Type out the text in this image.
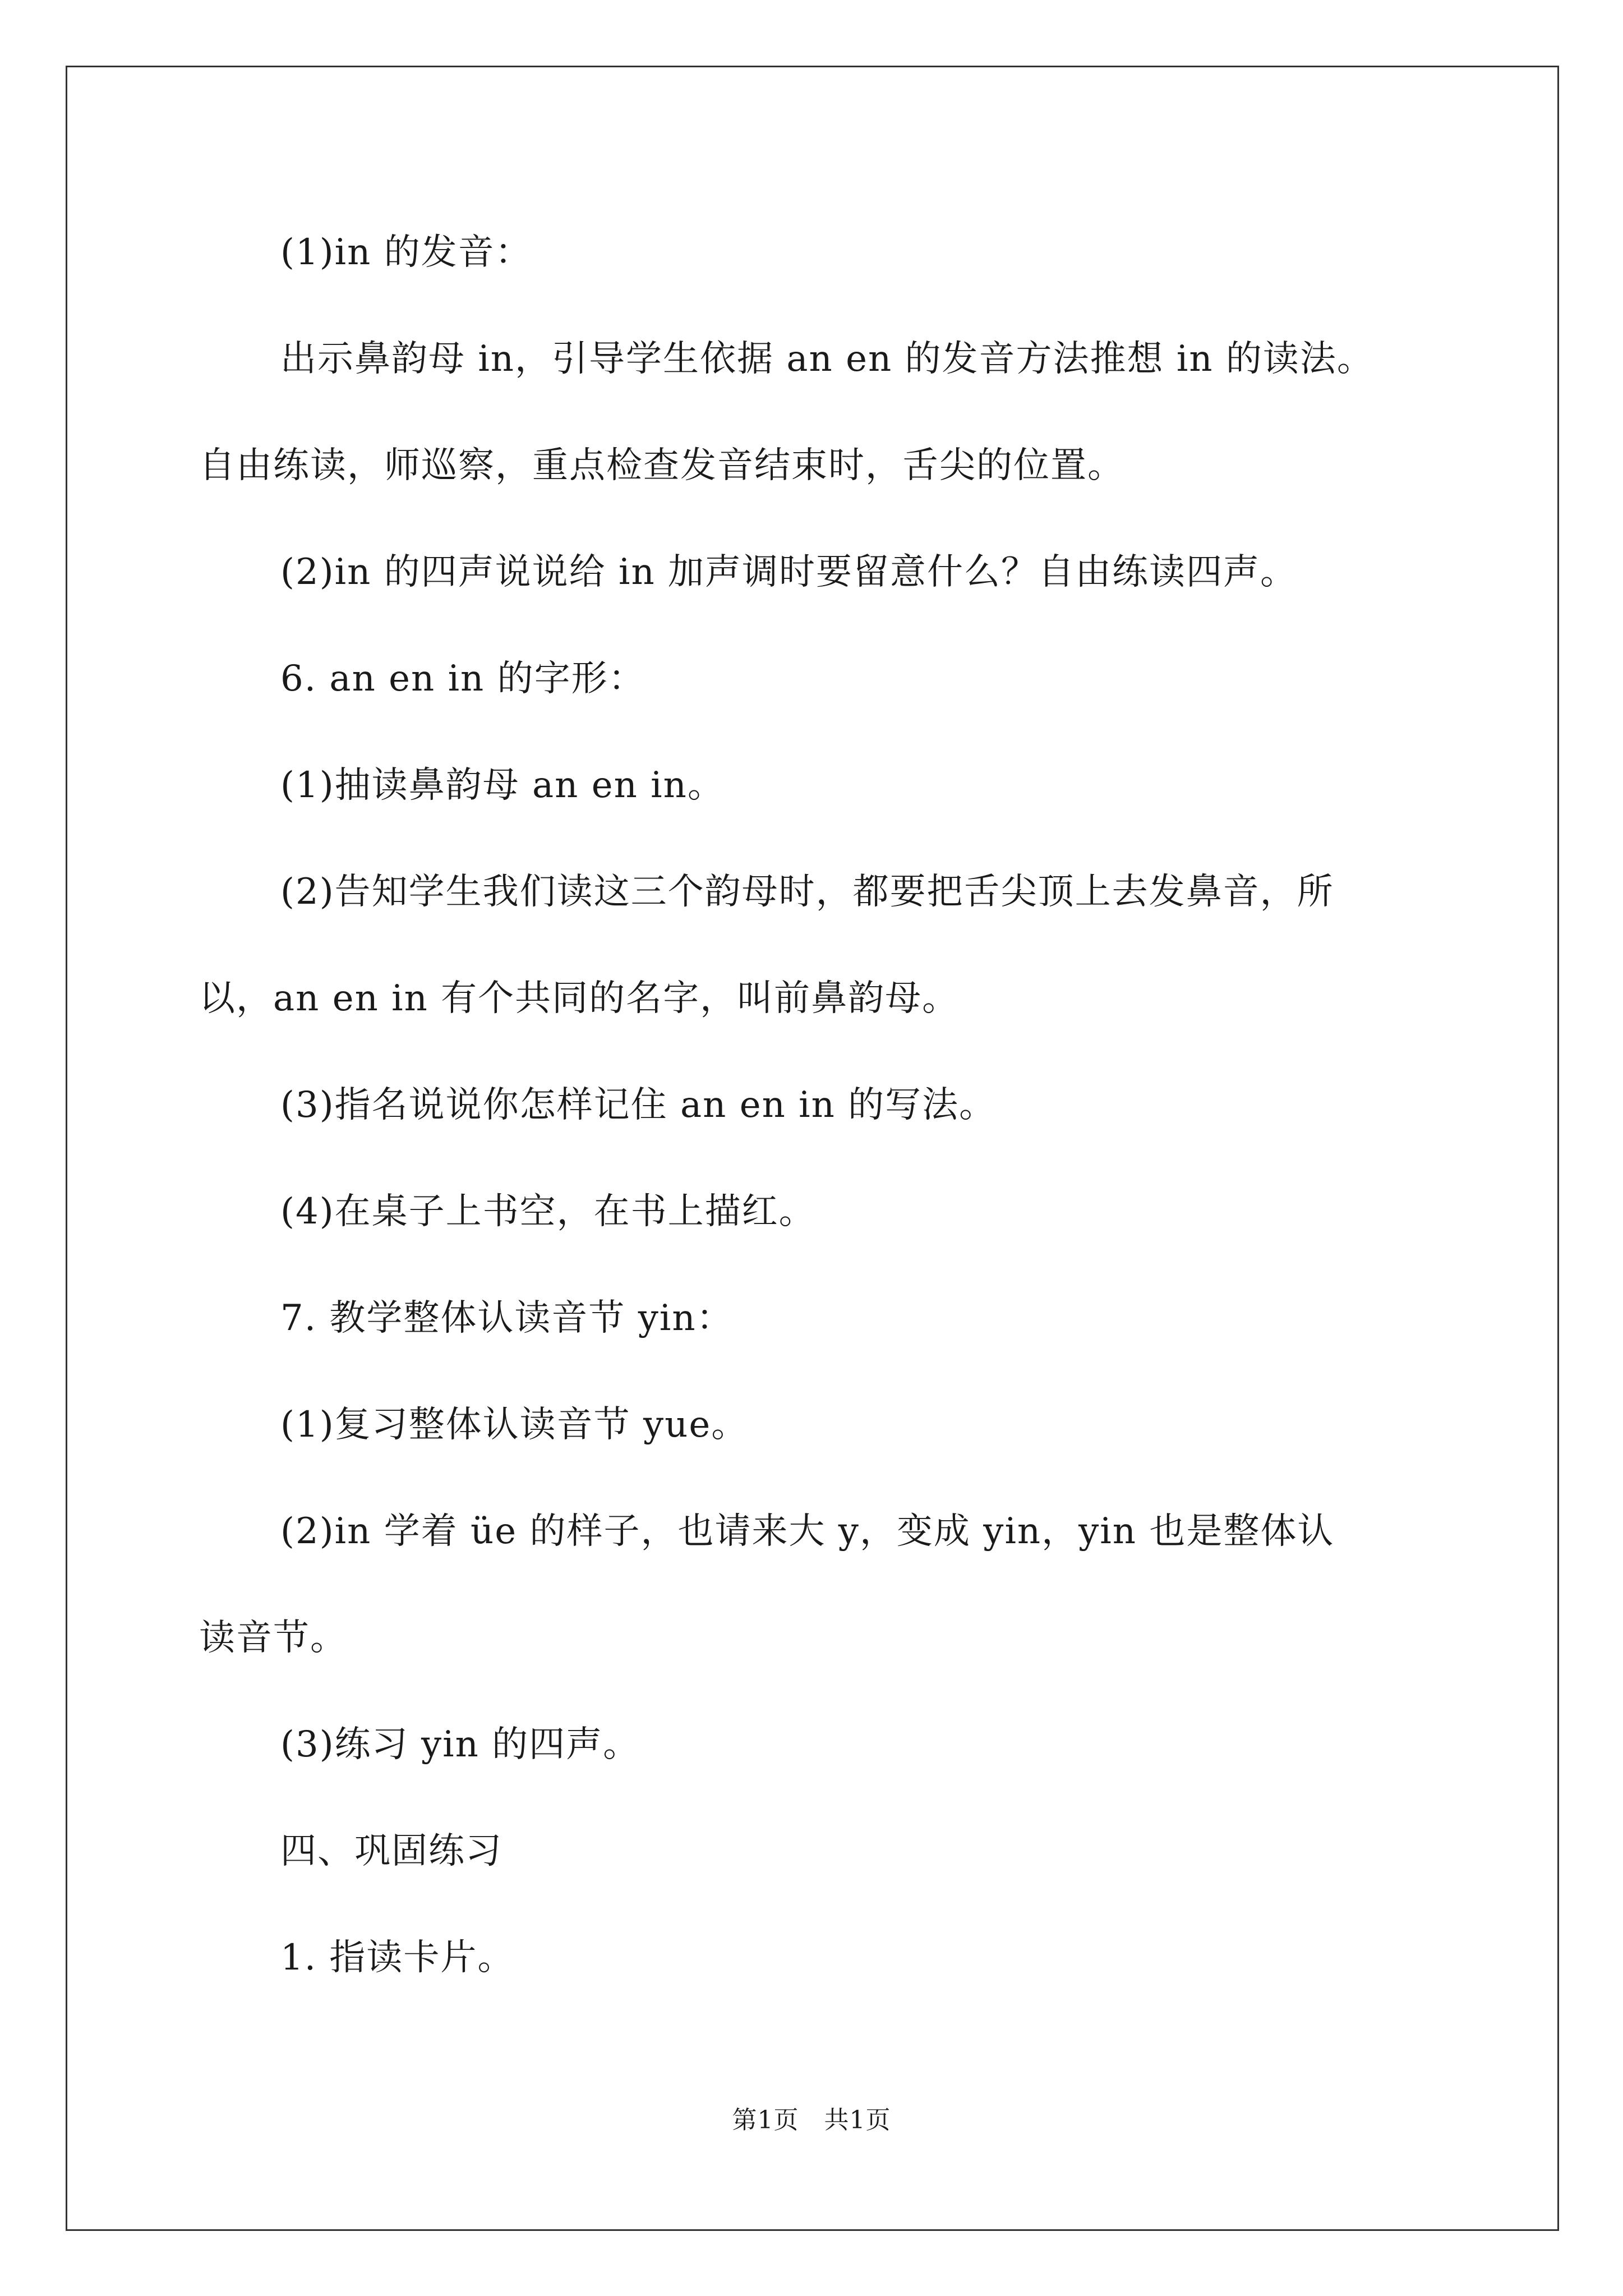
(1)in 的发音：
出示鼻韵母 in，引导学生依据 an en 的发音方法推想 in 的读法。
自由练读，师巡察，重点检查发音结束时，舌尖的位置。
(2)in 的四声说说给 in 加声调时要留意什么？自由练读四声。
6. an en in 的字形：
(1)抽读鼻韵母 an en in。
(2)告知学生我们读这三个韵母时，都要把舌尖顶上去发鼻音，所
以，an en in 有个共同的名字，叫前鼻韵母。
(3)指名说说你怎样记住 an en in 的写法。
(4)在桌子上书空，在书上描红。
7. 教学整体认读音节 yin：
(1)复习整体认读音节 yue。
(2)in 学着 üe 的样子，也请来大 y，变成 yin，yin 也是整体认
读音节。
(3)练习 yin 的四声。
四、巩固练习
1. 指读卡片。
第1页　共1页
